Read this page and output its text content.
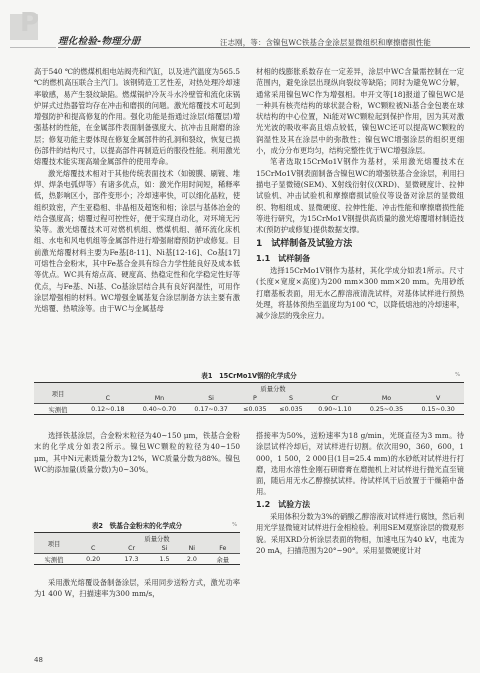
P
理化检验-物理分册	汪志刚，等：含镍包WC铁基合金涂层显微组织和摩擦磨损性能

高于540 ℃的燃煤机组电站阀壳和汽缸，以及进汽温度为565.5 ℃的燃机高压联合主汽门。该钢铸造工艺性差，对热处理冷却速率敏感，易产生裂纹缺陷。燃煤锅炉冷灰斗水冷壁管和流化床锅炉屏式过热器管均存在冲击和磨损的问题。激光熔覆技术可起到增强防护和提高修复的作用。强化功能是指通过涂层(熔覆层)增强基材的性能，在金属部件表面制备强度大、抗冲击且耐磨的涂层；修复功能主要体现在修复金属部件的孔洞和裂纹，恢复已损伤部件的结构尺寸，以提高部件再制造后的服役性能。利用激光熔覆技术能实现高端金属部件的使用寿命。

激光熔覆技术相对于其他传统表面技术（如镀膜、刷镀、堆焊、焊条电弧焊等）有诸多优点，如：激光作用时间短，稀释率低，热影响区小，部件变形小；冷却速率快，可以细化晶粒，使组织致密，产生亚稳相、非晶相及超饱和相；涂层与基体冶金的结合强度高；熔覆过程可控性好，便于实现自动化，对环境无污染等。激光熔覆技术可对燃机机组、燃煤机组、循环流化床机组、水电和风电机组等金属部件进行增强耐磨预防护或修复。目前激光熔覆材料主要为Fe基[8-11]、Ni基[12-16]、Co基[17]可熔性合金粉末，其中Fe基合金具有综合力学性能良好及成本低等优点。WC具有熔点高、硬度高、热稳定性和化学稳定性好等优点，与Fe基、Ni基、Co基涂层结合具有良好润湿性，可用作涂层增强相的材料。WC增强金属基复合涂层制备方法主要有激光熔覆、热喷涂等。由于WC与金属基母

材相的线膨胀系数存在一定差异，涂层中WC含量需控制在一定范围内，避免涂层出现纵向裂纹等缺陷；同时为避免WC分解，通常采用镍包WC作为增强相。申开文等[18]报道了镍包WC是一种具有核壳结构的球状混合粉，WC颗粒被Ni基合金包裹在球状结构的中心位置，Ni能对WC颗粒起到保护作用，因为其对激光光波的吸收率高且熔点较低，镍包WC还可以提高WC颗粒的润湿性及其在涂层中的弥散性；镍包WC增强涂层的组织更细小，成分分布更均匀，结构完整性优于WC增强涂层。

笔者选取15CrMo1V钢作为基材，采用激光熔覆技术在15CrMo1V钢表面制备含镍包WC的增强铁基合金涂层，利用扫描电子显微镜(SEM)、X射线衍射仪(XRD)、显微硬度计、拉伸试验机、冲击试验机和摩擦磨损试验仪等设备对涂层的显微组织、物相组成、显微硬度、拉伸性能、冲击性能和摩擦磨损性能等进行研究，为15CrMo1V钢提供高质量的激光熔覆增材制造技术(预防护或修复)提供数据支撑。

1　试样制备及试验方法
1.1　试样制备

选择15CrMo1V钢作为基材，其化学成分如表1所示。尺寸(长度×宽度×高度)为200 mm×300 mm×20 mm。先用砂纸打磨基板表面，用无水乙醇溶液清洗试样，对基体试样进行预热处理，将基体预热至温度均为100 ℃，以降低熔池的冷却速率，减少涂层的残余应力。

表1　15CrMo1V钢的化学成分	%
项目	质量分数							
	C	Mn	Si	P	S	Cr	Mo	V
实测值	0.12~0.18	0.40~0.70	0.17~0.37	≤0.035	≤0.035	0.90~1.10	0.25~0.35	0.15~0.30

选择铁基涂层，合金粉末粒径为40~150 μm，铁基合金粉末的化学成分如表2所示。镍包WC颗粒的粒径为40~150 μm，其中Ni元素质量分数为12%，WC质量分数为88%。镍包WC的添加量(质量分数)为0~30%。

表2　铁基合金粉末的化学成分	%
项目	质量分数				
	C	Cr	Si	Ni	Fe
实测值	0.20	17.3	1.5	2.0	余量

采用激光熔覆设备制备涂层，采用同步送粉方式，激光功率为1 400 W，扫描速率为300 mm/s，

搭接率为50%，送粉速率为18 g/min，光斑直径为3 mm。待涂层试样冷却后，对试样进行切割。依次用90，360，600，1 000，1 500，2 000目(1目=25.4 mm)的水砂纸对试样进行打磨，选用水溶性金刚石研磨膏在磨抛机上对试样进行抛光直至镜面，随后用无水乙醇擦拭试样。待试样风干后放置于干燥箱中备用。

1.2　试验方法

采用体积分数为3%的硝酸乙醇溶液对试样进行腐蚀，然后利用光学显微镜对试样进行金相检验。利用SEM观察涂层的微观形貌。采用XRD分析涂层表面的物相，加速电压为40 kV，电流为20 mA，扫描范围为20°~90°。采用显微硬度计对

48
